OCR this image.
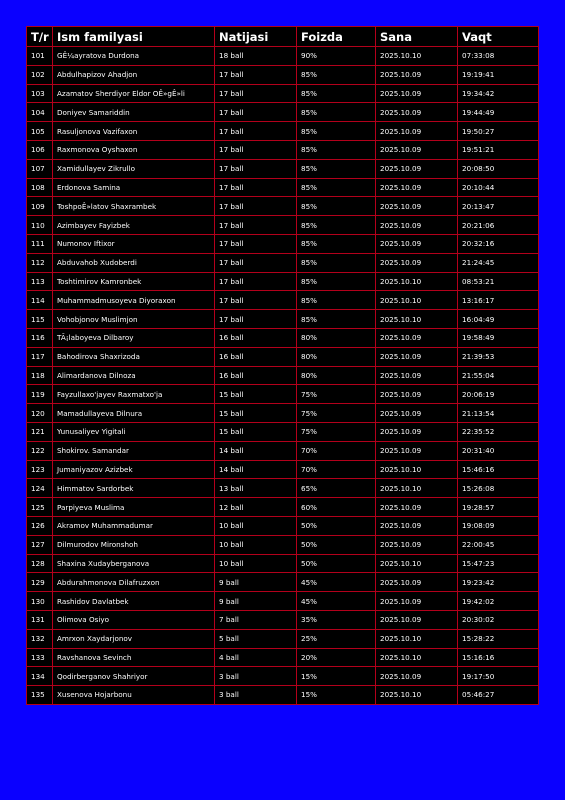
T/r	Ism familyasi	Natijasi	Foizda	Sana	Vaqt
101	GÊ¼ayratova Durdona	18 ball	90%	2025.10.10	07:33:08
102	Abdulhapizov Ahadjon	17 ball	85%	2025.10.09	19:19:41
103	Azamatov Sherdiyor Eldor OÊ»gÊ»li	17 ball	85%	2025.10.09	19:34:42
104	Doniyev Samariddin	17 ball	85%	2025.10.09	19:44:49
105	Rasuljonova Vazifaxon	17 ball	85%	2025.10.09	19:50:27
106	Raxmonova Oyshaxon	17 ball	85%	2025.10.09	19:51:21
107	Xamidullayev Zikrullo	17 ball	85%	2025.10.09	20:08:50
108	Erdonova Samina	17 ball	85%	2025.10.09	20:10:44
109	ToshpoÊ»latov Shaxrambek	17 ball	85%	2025.10.09	20:13:47
110	Azimbayev Fayizbek	17 ball	85%	2025.10.09	20:21:06
111	Numonov Iftixor	17 ball	85%	2025.10.09	20:32:16
112	Abduvahob Xudoberdi	17 ball	85%	2025.10.09	21:24:45
113	Toshtimirov Kamronbek	17 ball	85%	2025.10.10	08:53:21
114	Muhammadmusoyeva Diyoraxon	17 ball	85%	2025.10.10	13:16:17
115	Vohobjonov Muslimjon	17 ball	85%	2025.10.10	16:04:49
116	TÃ¡laboyeva Dilbaroy	16 ball	80%	2025.10.09	19:58:49
117	Bahodirova Shaxrizoda	16 ball	80%	2025.10.09	21:39:53
118	Alimardanova Dilnoza	16 ball	80%	2025.10.09	21:55:04
119	Fayzullaxo'jayev Raxmatxo'ja	15 ball	75%	2025.10.09	20:06:19
120	Mamadullayeva Dilnura	15 ball	75%	2025.10.09	21:13:54
121	Yunusaliyev Yigitali	15 ball	75%	2025.10.09	22:35:52
122	Shokirov. Samandar	14 ball	70%	2025.10.09	20:31:40
123	Jumaniyazov Azizbek	14 ball	70%	2025.10.10	15:46:16
124	Himmatov Sardorbek	13 ball	65%	2025.10.10	15:26:08
125	Parpiyeva Muslima	12 ball	60%	2025.10.09	19:28:57
126	Akramov Muhammadumar	10 ball	50%	2025.10.09	19:08:09
127	Dilmurodov Mironshoh	10 ball	50%	2025.10.09	22:00:45
128	Shaxina Xudayberganova	10 ball	50%	2025.10.10	15:47:23
129	Abdurahmonova Dilafruzxon	9 ball	45%	2025.10.09	19:23:42
130	Rashidov Davlatbek	9 ball	45%	2025.10.09	19:42:02
131	Olimova Osiyo	7 ball	35%	2025.10.09	20:30:02
132	Amrxon Xaydarjonov	5 ball	25%	2025.10.10	15:28:22
133	Ravshanova Sevinch	4 ball	20%	2025.10.10	15:16:16
134	Qodirberganov Shahriyor	3 ball	15%	2025.10.09	19:17:50
135	Xusenova Hojarbonu	3 ball	15%	2025.10.10	05:46:27
